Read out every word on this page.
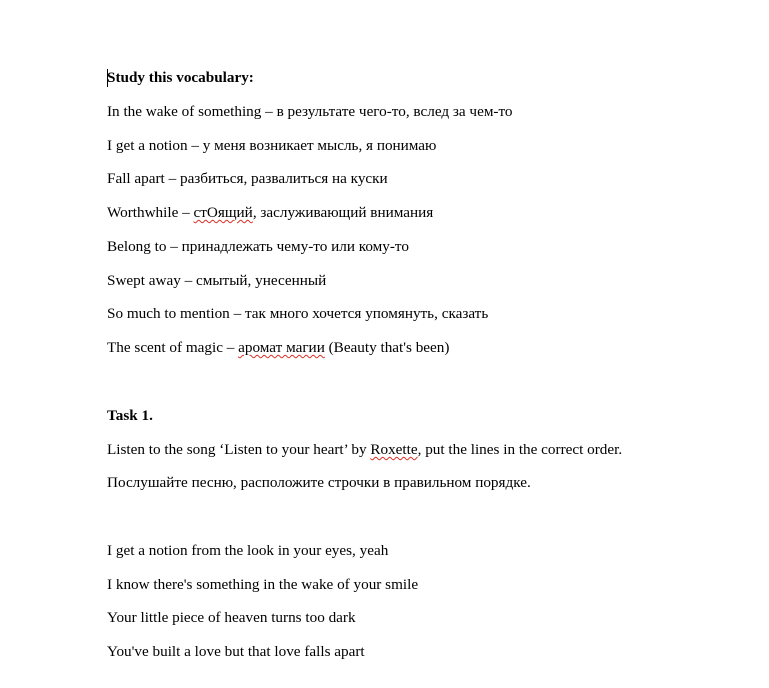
Study this vocabulary:
In the wake of something – в результате чего-то, вслед за чем-то
I get a notion – у меня возникает мысль, я понимаю
Fall apart – разбиться, развалиться на куски
Worthwhile – стОящий, заслуживающий внимания
Belong to – принадлежать чему-то или кому-то
Swept away – смытый, унесенный
So much to mention – так много хочется упомянуть, сказать
The scent of magic – аромат магии (Beauty that's been)
Task 1.
Listen to the song ‘Listen to your heart’ by Roxette, put the lines in the correct order.
Послушайте песню, расположите строчки в правильном порядке.
I get a notion from the look in your eyes, yeah
I know there's something in the wake of your smile
Your little piece of heaven turns too dark
You've built a love but that love falls apart
